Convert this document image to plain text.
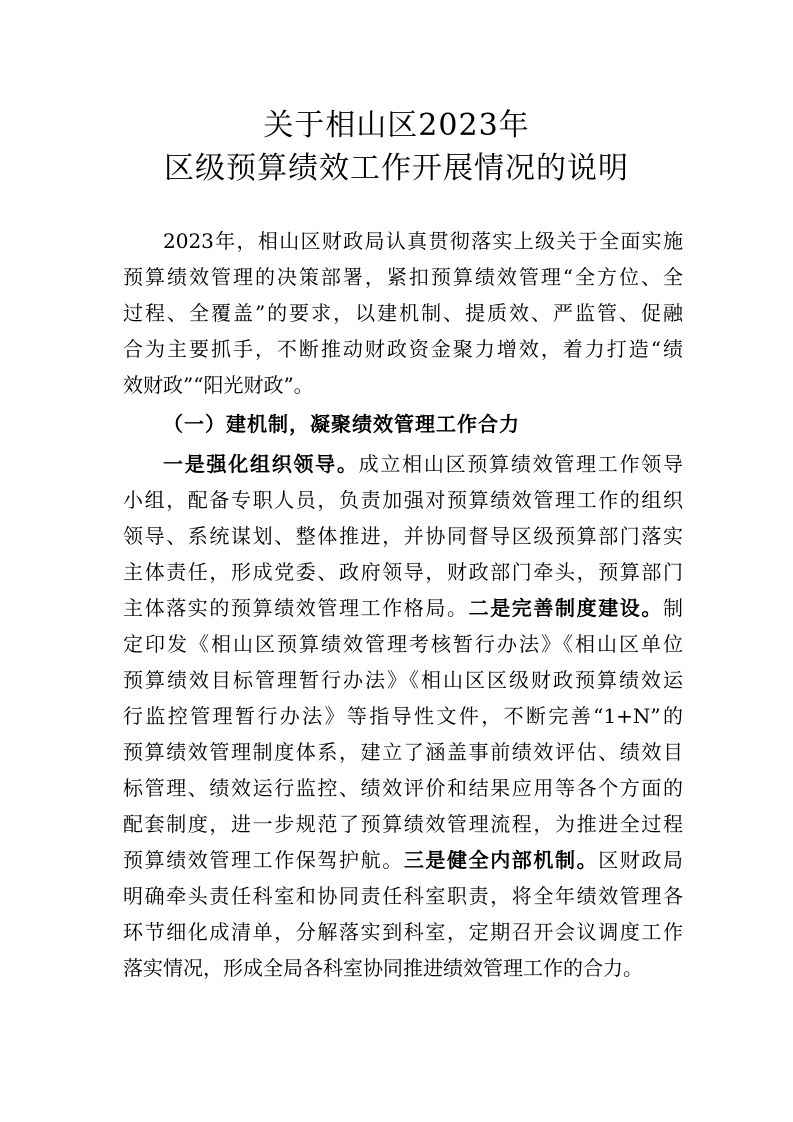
关于相山区2023年
区级预算绩效工作开展情况的说明
2023年，相山区财政局认真贯彻落实上级关于全面实施
预算绩效管理的决策部署，紧扣预算绩效管理“全方位、全
过程、全覆盖”的要求，以建机制、提质效、严监管、促融
合为主要抓手，不断推动财政资金聚力增效，着力打造“绩
效财政”“阳光财政”。
（一）建机制，凝聚绩效管理工作合力
一是强化组织领导。成立相山区预算绩效管理工作领导
小组，配备专职人员，负责加强对预算绩效管理工作的组织
领导、系统谋划、整体推进，并协同督导区级预算部门落实
主体责任，形成党委、政府领导，财政部门牵头，预算部门
主体落实的预算绩效管理工作格局。二是完善制度建设。制
定印发《相山区预算绩效管理考核暂行办法》《相山区单位
预算绩效目标管理暂行办法》《相山区区级财政预算绩效运
行监控管理暂行办法》等指导性文件，不断完善“1+N”的
预算绩效管理制度体系，建立了涵盖事前绩效评估、绩效目
标管理、绩效运行监控、绩效评价和结果应用等各个方面的
配套制度，进一步规范了预算绩效管理流程，为推进全过程
预算绩效管理工作保驾护航。三是健全内部机制。区财政局
明确牵头责任科室和协同责任科室职责，将全年绩效管理各
环节细化成清单，分解落实到科室，定期召开会议调度工作
落实情况，形成全局各科室协同推进绩效管理工作的合力。
